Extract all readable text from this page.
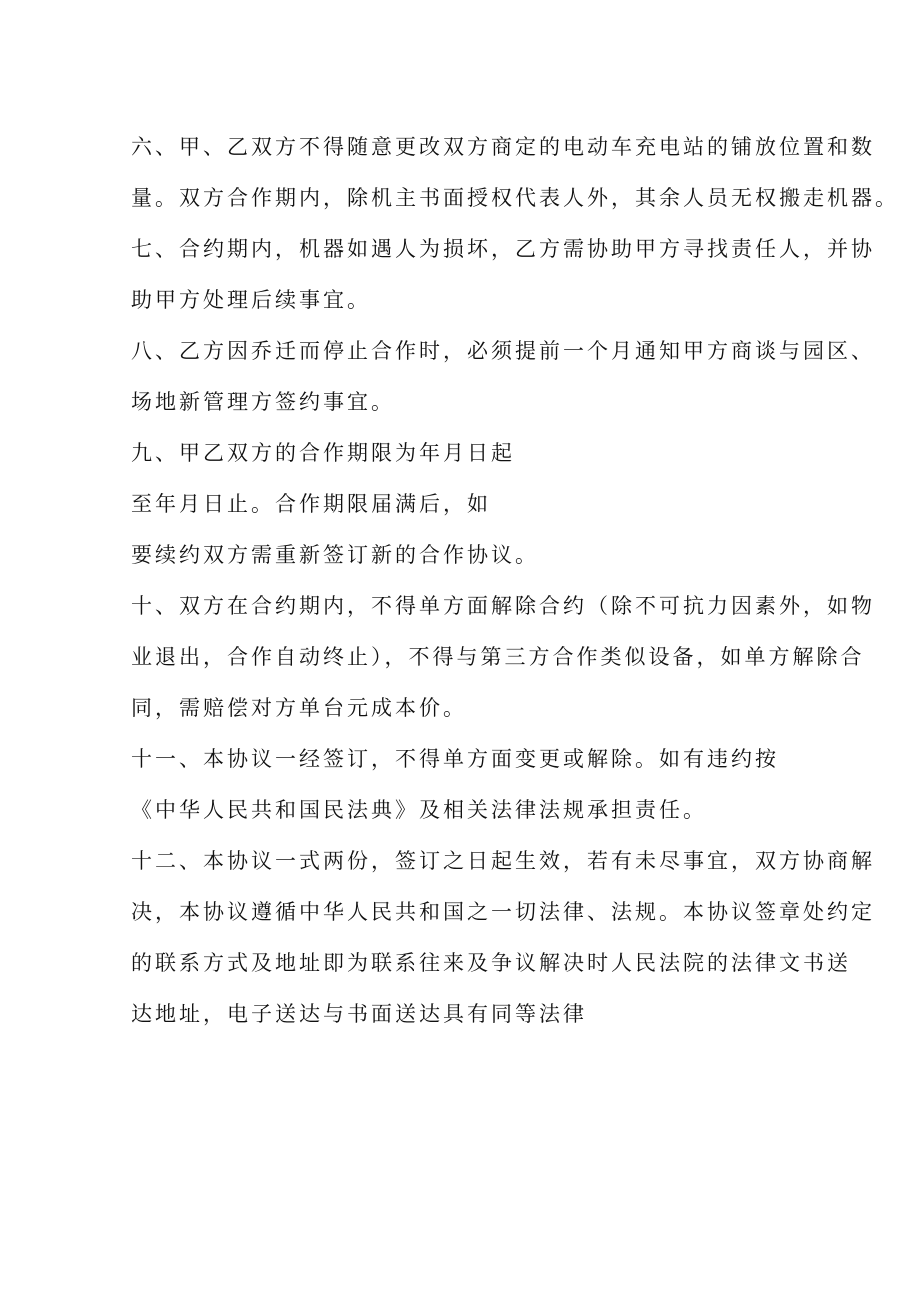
六、甲、乙双方不得随意更改双方商定的电动车充电站的铺放位置和数
量。双方合作期内，除机主书面授权代表人外，其余人员无权搬走机器。
七、合约期内，机器如遇人为损坏，乙方需协助甲方寻找责任人，并协
助甲方处理后续事宜。
八、乙方因乔迁而停止合作时，必须提前一个月通知甲方商谈与园区、
场地新管理方签约事宜。
九、甲乙双方的合作期限为年月日起
至年月日止。合作期限届满后，如
要续约双方需重新签订新的合作协议。
十、双方在合约期内，不得单方面解除合约（除不可抗力因素外，如物
业退出，合作自动终止），不得与第三方合作类似设备，如单方解除合
同，需赔偿对方单台元成本价。
十一、本协议一经签订，不得单方面变更或解除。如有违约按
《中华人民共和国民法典》及相关法律法规承担责任。
十二、本协议一式两份，签订之日起生效，若有未尽事宜，双方协商解
决，本协议遵循中华人民共和国之一切法律、法规。本协议签章处约定
的联系方式及地址即为联系往来及争议解决时人民法院的法律文书送
达地址，电子送达与书面送达具有同等法律
